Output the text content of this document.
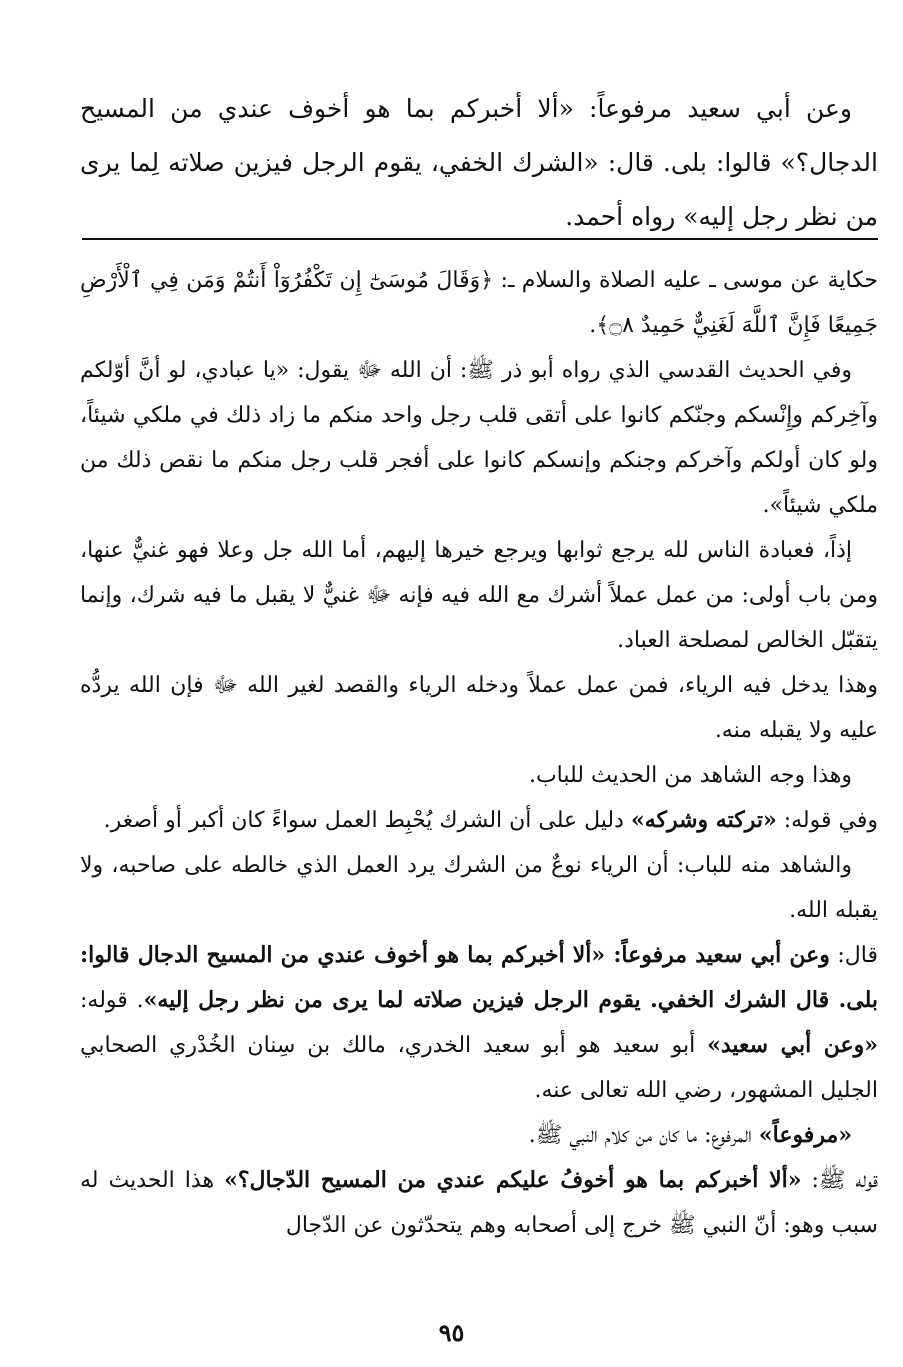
وعن أبي سعيد مرفوعاً: «ألا أخبركم بما هو أخوف عندي من المسيح الدجال؟» قالوا: بلى. قال: «الشرك الخفي، يقوم الرجل فيزين صلاته لِما يرى من نظر رجل إليه» رواه أحمد.

حكاية عن موسى ـ عليه الصلاة والسلام ـ: ﴿وَقَالَ مُوسَىٰٓ إِن تَكْفُرُوٓاْ أَنتُمْ وَمَن فِي ٱلْأَرْضِ جَمِيعًا فَإِنَّ ٱللَّهَ لَغَنِيٌّ حَمِيدٌ ۝٨﴾.

وفي الحديث القدسي الذي رواه أبو ذر ﷺ: أن الله ﷻ يقول: «يا عبادي، لو أنَّ أوّلكم وآخِركم وإِنْسكم وجنّكم كانوا على أتقى قلب رجل واحد منكم ما زاد ذلك في ملكي شيئاً، ولو كان أولكم وآخركم وجنكم وإنسكم كانوا على أفجر قلب رجل منكم ما نقص ذلك من ملكي شيئاً».

إذاً، فعبادة الناس لله يرجع ثوابها ويرجع خيرها إليهم، أما الله جل وعلا فهو غنيٌّ عنها، ومن باب أولى: من عمل عملاً أشرك مع الله فيه فإنه ﷻ غنيٌّ لا يقبل ما فيه شرك، وإنما يتقبّل الخالص لمصلحة العباد.

وهذا يدخل فيه الرياء، فمن عمل عملاً ودخله الرياء والقصد لغير الله ﷻ فإن الله يردُّه عليه ولا يقبله منه.

وهذا وجه الشاهد من الحديث للباب.

وفي قوله: «تركته وشركه» دليل على أن الشرك يُحْبِط العمل سواءً كان أكبر أو أصغر.

والشاهد منه للباب: أن الرياء نوعٌ من الشرك يرد العمل الذي خالطه على صاحبه، ولا يقبله الله.

قال: وعن أبي سعيد مرفوعاً: «ألا أخبركم بما هو أخوف عندي من المسيح الدجال قالوا: بلى. قال الشرك الخفي. يقوم الرجل فيزين صلاته لما يرى من نظر رجل إليه». قوله: «وعن أبي سعيد» أبو سعيد هو أبو سعيد الخدري، مالك بن سِنان الخُدْري الصحابي الجليل المشهور، رضي الله تعالى عنه.

«مرفوعاً» المرفوع: ما كان من كلام النبي ﷺ.

قوله ﷺ: «ألا أخبركم بما هو أخوفُ عليكم عندي من المسيح الدّجال؟» هذا الحديث له سبب وهو: أنّ النبي ﷺ خرج إلى أصحابه وهم يتحدّثون عن الدّجال

٩٥
